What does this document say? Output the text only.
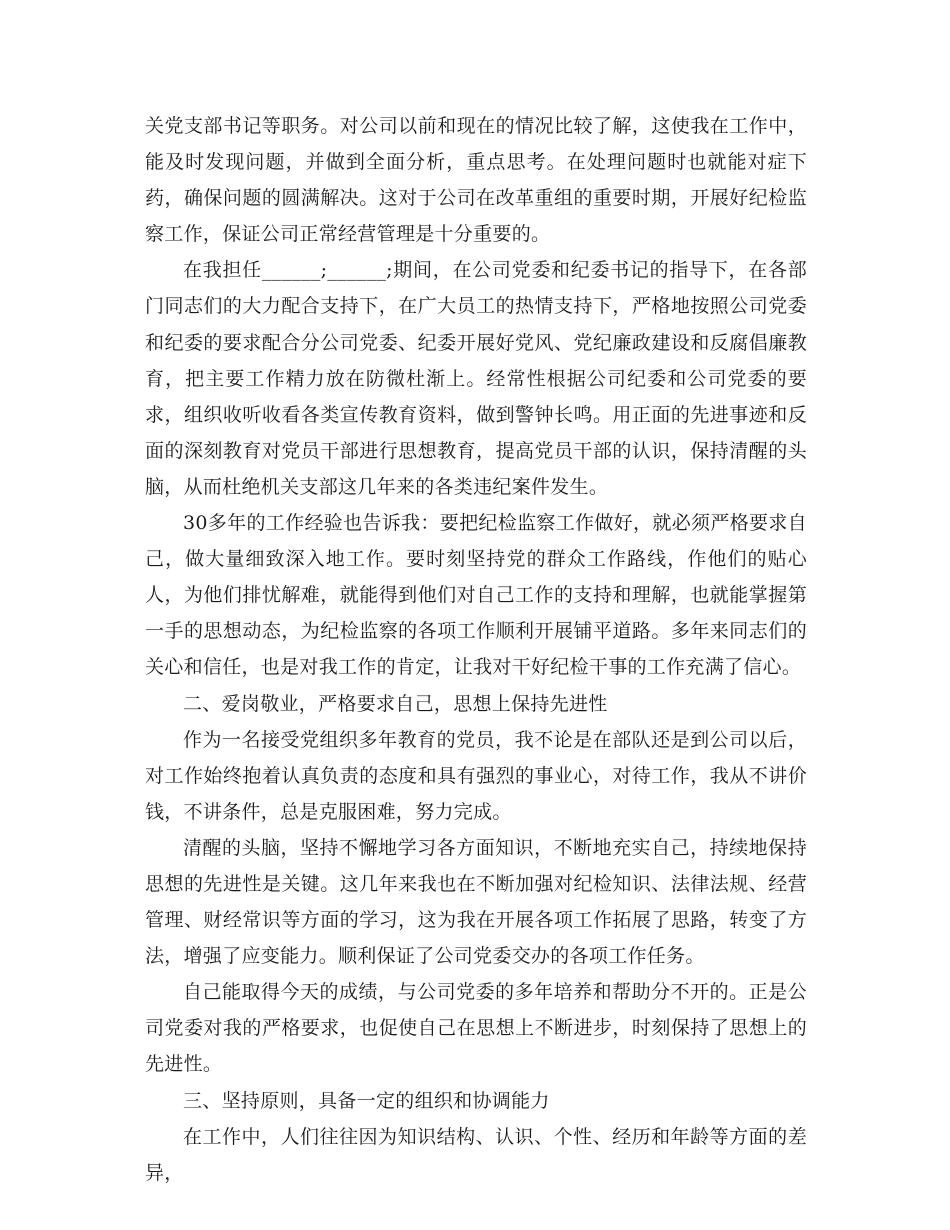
关党支部书记等职务。对公司以前和现在的情况比较了解，这使我在工作中，能及时发现问题，并做到全面分析，重点思考。在处理问题时也就能对症下药，确保问题的圆满解决。这对于公司在改革重组的重要时期，开展好纪检监察工作，保证公司正常经营管理是十分重要的。

在我担任______;______;期间，在公司党委和纪委书记的指导下，在各部门同志们的大力配合支持下，在广大员工的热情支持下，严格地按照公司党委和纪委的要求配合分公司党委、纪委开展好党风、党纪廉政建设和反腐倡廉教育，把主要工作精力放在防微杜渐上。经常性根据公司纪委和公司党委的要求，组织收听收看各类宣传教育资料，做到警钟长鸣。用正面的先进事迹和反面的深刻教育对党员干部进行思想教育，提高党员干部的认识，保持清醒的头脑，从而杜绝机关支部这几年来的各类违纪案件发生。

30多年的工作经验也告诉我：要把纪检监察工作做好，就必须严格要求自己，做大量细致深入地工作。要时刻坚持党的群众工作路线，作他们的贴心人，为他们排忧解难，就能得到他们对自己工作的支持和理解，也就能掌握第一手的思想动态，为纪检监察的各项工作顺利开展铺平道路。多年来同志们的关心和信任，也是对我工作的肯定，让我对干好纪检干事的工作充满了信心。

二、爱岗敬业，严格要求自己，思想上保持先进性

作为一名接受党组织多年教育的党员，我不论是在部队还是到公司以后，对工作始终抱着认真负责的态度和具有强烈的事业心，对待工作，我从不讲价钱，不讲条件，总是克服困难，努力完成。

清醒的头脑，坚持不懈地学习各方面知识，不断地充实自己，持续地保持思想的先进性是关键。这几年来我也在不断加强对纪检知识、法律法规、经营管理、财经常识等方面的学习，这为我在开展各项工作拓展了思路，转变了方法，增强了应变能力。顺利保证了公司党委交办的各项工作任务。

自己能取得今天的成绩，与公司党委的多年培养和帮助分不开的。正是公司党委对我的严格要求，也促使自己在思想上不断进步，时刻保持了思想上的先进性。

三、坚持原则，具备一定的组织和协调能力

在工作中，人们往往因为知识结构、认识、个性、经历和年龄等方面的差异，
